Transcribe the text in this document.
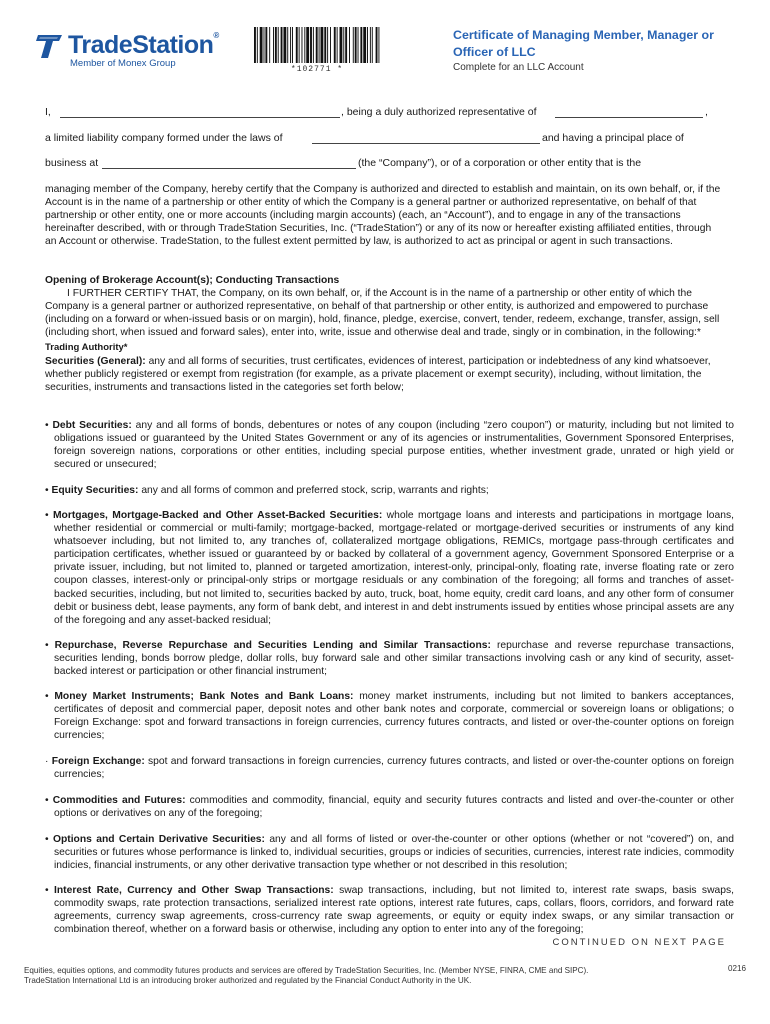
TradeStation®
Member of Monex Group
*102771 *
Certificate of Managing Member, Manager or Officer of LLC
Complete for an LLC Account
I,	, being a duly authorized representative of	,
a limited liability company formed under the laws of	and having a principal place of
business at	(the “Company”), or of a corporation or other entity that is the
managing member of the Company, hereby certify that the Company is authorized and directed to establish and maintain, on its own behalf, or, if the Account is in the name of a partnership or other entity of which the Company is a general partner or authorized representative, on behalf of that partnership or other entity, one or more accounts (including margin accounts) (each, an “Account”), and to engage in any of the transactions hereinafter described, with or through TradeStation Securities, Inc. (“TradeStation”) or any of its now or hereafter existing affiliated entities, through an Account or otherwise. TradeStation, to the fullest extent permitted by law, is authorized to act as principal or agent in such transactions.
Opening of Brokerage Account(s); Conducting Transactions
I FURTHER CERTIFY THAT, the Company, on its own behalf, or, if the Account is in the name of a partnership or other entity of which the Company is a general partner or authorized representative, on behalf of that partnership or other entity, is authorized and empowered to purchase (including on a forward or when-issued basis or on margin), hold, finance, pledge, exercise, convert, tender, redeem, exchange, transfer, assign, sell (including short, when issued and forward sales), enter into, write, issue and otherwise deal and trade, singly or in combination, in the following:*
Trading Authority*
Securities (General): any and all forms of securities, trust certificates, evidences of interest, participation or indebtedness of any kind whatsoever, whether publicly registered or exempt from registration (for example, as a private placement or exempt security), including, without limitation, the securities, instruments and transactions listed in the categories set forth below;
• Debt Securities: any and all forms of bonds, debentures or notes of any coupon (including “zero coupon”) or maturity, including but not limited to obligations issued or guaranteed by the United States Government or any of its agencies or instrumentalities, Government Sponsored Enterprises, foreign sovereign nations, corporations or other entities, including special purpose entities, whether investment grade, unrated or high yield or secured or unsecured;
• Equity Securities: any and all forms of common and preferred stock, scrip, warrants and rights;
• Mortgages, Mortgage-Backed and Other Asset-Backed Securities: whole mortgage loans and interests and participations in mortgage loans, whether residential or commercial or multi-family; mortgage-backed, mortgage-related or mortgage-derived securities or instruments of any kind whatsoever including, but not limited to, any tranches of, collateralized mortgage obligations, REMICs, mortgage pass-through certificates and participation certificates, whether issued or guaranteed by or backed by collateral of a government agency, Government Sponsored Enterprise or a private issuer, including, but not limited to, planned or targeted amortization, interest-only, principal-only, floating rate, inverse floating rate or zero coupon classes, interest-only or principal-only strips or mortgage residuals or any combination of the foregoing; all forms and tranches of asset-backed securities, including, but not limited to, securities backed by auto, truck, boat, home equity, credit card loans, and any other form of consumer debit or business debt, lease payments, any form of bank debt, and interest in and debt instruments issued by entities whose principal assets are any of the foregoing and any asset-backed residual;
• Repurchase, Reverse Repurchase and Securities Lending and Similar Transactions: repurchase and reverse repurchase transactions, securities lending, bonds borrow pledge, dollar rolls, buy forward sale and other similar transactions involving cash or any kind of security, asset-backed interest or participation or other financial instrument;
• Money Market Instruments; Bank Notes and Bank Loans: money market instruments, including but not limited to bankers acceptances, certificates of deposit and commercial paper, deposit notes and other bank notes and corporate, commercial or sovereign loans or obligations; o Foreign Exchange: spot and forward transactions in foreign currencies, currency futures contracts, and listed or over-the-counter options on foreign currencies;
· Foreign Exchange: spot and forward transactions in foreign currencies, currency futures contracts, and listed or over-the-counter options on foreign currencies;
• Commodities and Futures: commodities and commodity, financial, equity and security futures contracts and listed and over-the-counter or other options or derivatives on any of the foregoing;
• Options and Certain Derivative Securities: any and all forms of listed or over-the-counter or other options (whether or not “covered”) on, and securities or futures whose performance is linked to, individual securities, groups or indicies of securities, currencies, interest rate indicies, commodity indicies, financial instruments, or any other derivative transaction type whether or not described in this resolution;
• Interest Rate, Currency and Other Swap Transactions: swap transactions, including, but not limited to, interest rate swaps, basis swaps, commodity swaps, rate protection transactions, serialized interest rate options, interest rate futures, caps, collars, floors, corridors, and forward rate agreements, currency swap agreements, cross-currency rate swap agreements, or equity or equity index swaps, or any similar transaction or combination thereof, whether on a forward basis or otherwise, including any option to enter into any of the foregoing;
CONTINUED ON NEXT PAGE
Equities, equities options, and commodity futures products and services are offered by TradeStation Securities, Inc. (Member NYSE, FINRA, CME and SIPC). TradeStation International Ltd is an introducing broker authorized and regulated by the Financial Conduct Authority in the UK.
0216
